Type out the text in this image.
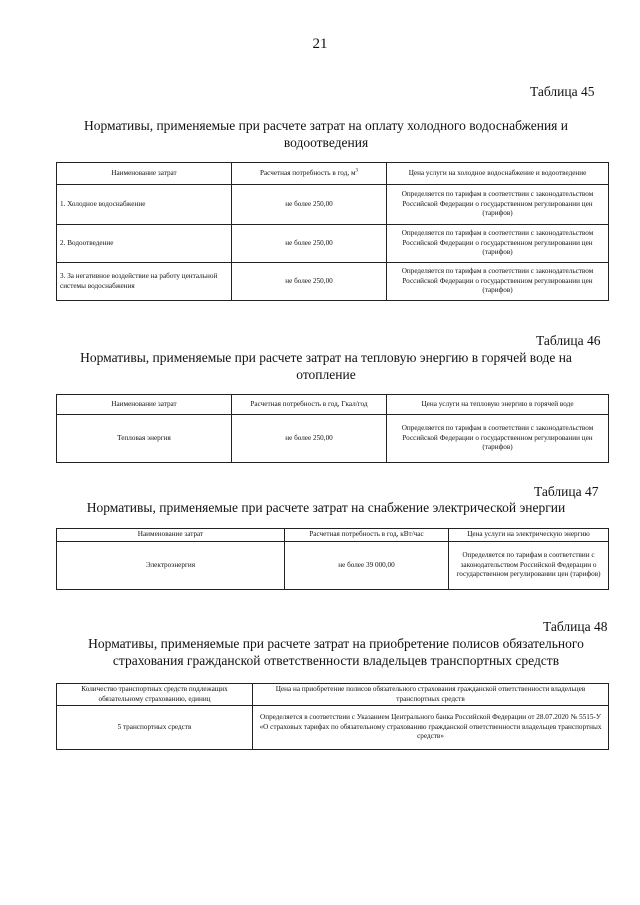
21
Таблица 45
Нормативы, применяемые при расчете затрат на оплату холодного водоснабжения и водоотведения
Наименование затрат	Расчетная потребность в год, $м^3$	Цена услуги на холодное водоснабжение и водоотведение
1. Холодное водоснабжение	не более 250,00	Определяется по тарифам в соответствии с законодательством Российской Федерации о государственном регулировании цен (тарифов)
2. Водоотведение	не более 250,00	Определяется по тарифам в соответствии с законодательством Российской Федерации о государственном регулировании цен (тарифов)
3. За негативное воздействие на работу центальной системы водоснабжения	не более 250,00	Определяется по тарифам в соответствии с законодательством Российской Федерации о государственном регулировании цен (тарифов)
Таблица 46
Нормативы, применяемые при расчете затрат на тепловую энергию в горячей воде на отопление
Наименование затрат	Расчетная потребность в год, Гкал/год	Цена услуги на тепловую энергию в горячей воде
Тепловая энергия	не более 250,00	Определяется по тарифам в соответствии с законодательством Российской Федерации о государственном регулировании цен (тарифов)
Таблица 47
Нормативы, применяемые при расчете затрат на снабжение электрической энергии
Наименование затрат	Расчетная потребность в год, кВт/час	Цена услуги на электрическую энергию
Электроэнергия	не более 39 000,00	Определяется по тарифам в соответствии с законодательством Российской Федерации о государственном регулировании цен (тарифов)
Таблица 48
Нормативы, применяемые при расчете затрат на приобретение полисов обязательного страхования гражданской ответственности владельцев транспортных средств
Количество транспортных средств подлежащих обязательному страхованию, единиц	Цена на приобретение полисов обязательного страхования гражданской ответственности владельцев транспортных средств
5 транспортных средств	Определяется в соответствии с Указанием Центрального банка Российской Федерации от 28.07.2020 № 5515-У «О страховых тарифах по обязательному страхованию гражданской ответственности владельцев транспортных средств»
